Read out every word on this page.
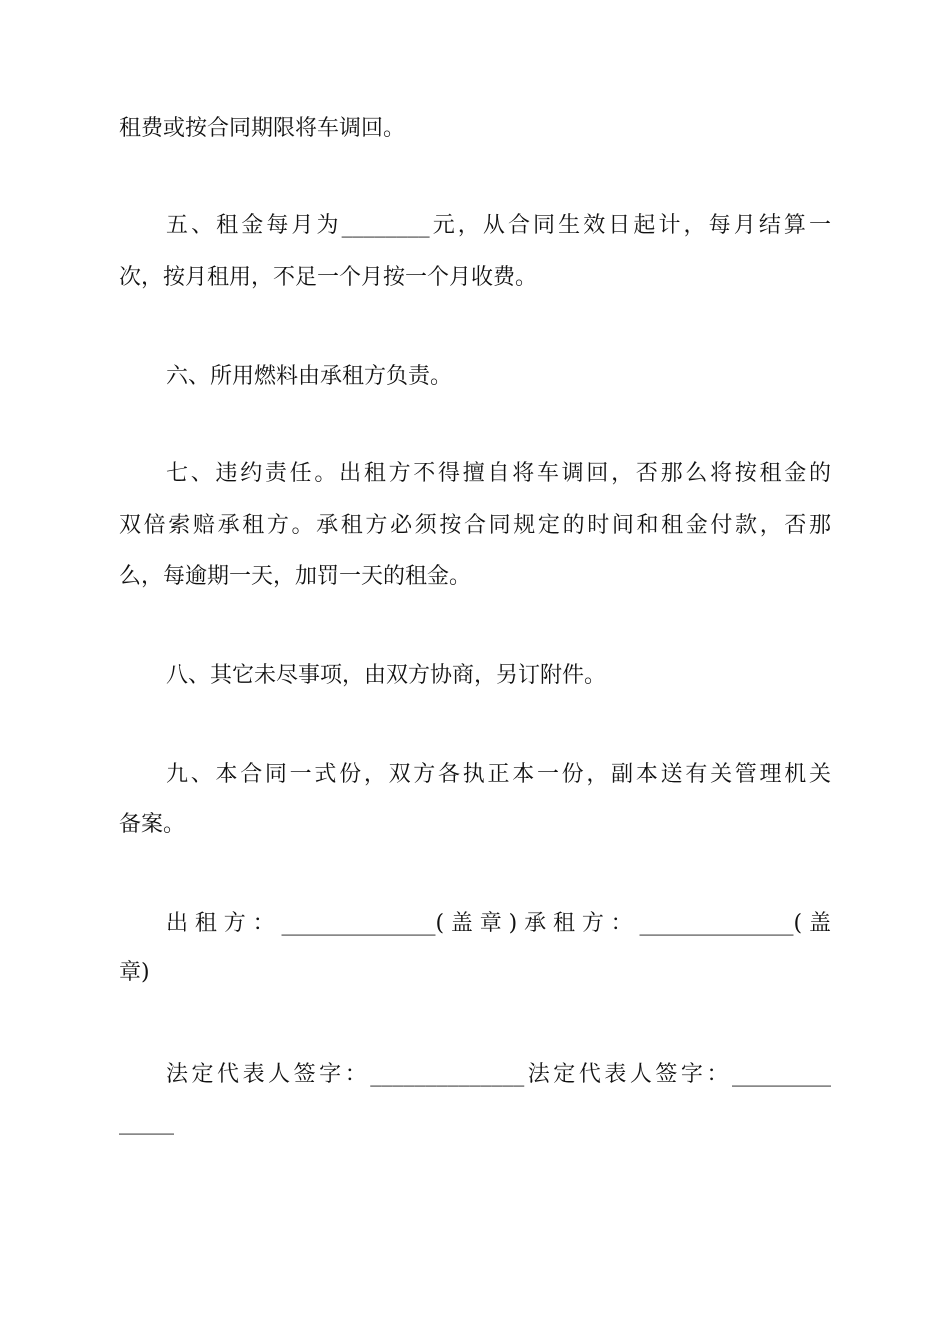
租费或按合同期限将车调回。
五、租金每月为________元，从合同生效日起计，每月结算一
次，按月租用，不足一个月按一个月收费。
六、所用燃料由承租方负责。
七、违约责任。出租方不得擅自将车调回，否那么将按租金的
双倍索赔承租方。承租方必须按合同规定的时间和租金付款，否那
么，每逾期一天，加罚一天的租金。
八、其它未尽事项，由双方协商，另订附件。
九、本合同一式份，双方各执正本一份，副本送有关管理机关
备案。
出租方：______________(盖章)承租方：______________(盖
章)
法定代表人签字：______________法定代表人签字：_________
_____
